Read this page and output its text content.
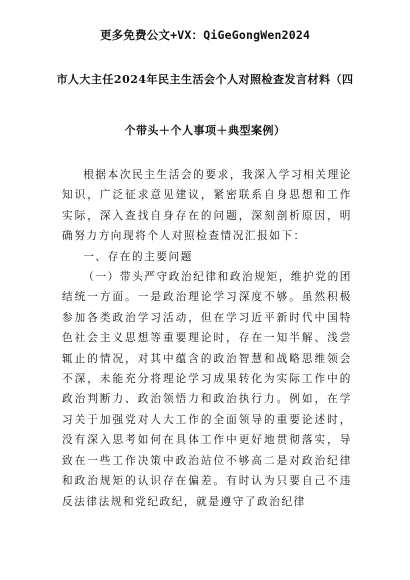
更多免费公文+VX：QiGeGongWen2024
市人大主任2024年民主生活会个人对照检查发言材料（四
个带头＋个人事项＋典型案例）

根据本次民主生活会的要求，我深入学习相关理论知识，广泛征求意见建议，紧密联系自身思想和工作实际，深入查找自身存在的问题，深刻剖析原因，明确努力方向现将个人对照检查情况汇报如下：

一、存在的主要问题

（一）带头严守政治纪律和政治规矩，维护党的团结统一方面。一是政治理论学习深度不够。虽然积极参加各类政治学习活动，但在学习近平新时代中国特色社会主义思想等重要理论时，存在一知半解、浅尝辄止的情况，对其中蕴含的政治智慧和战略思维领会不深，未能充分将理论学习成果转化为实际工作中的政治判断力、政治领悟力和政治执行力。例如，在学习关于加强党对人大工作的全面领导的重要论述时，没有深入思考如何在具体工作中更好地贯彻落实，导致在一些工作决策中政治站位不够高二是对政治纪律和政治规矩的认识存在偏差。有时认为只要自己不违反法律法规和党纪政纪，就是遵守了政治纪律
